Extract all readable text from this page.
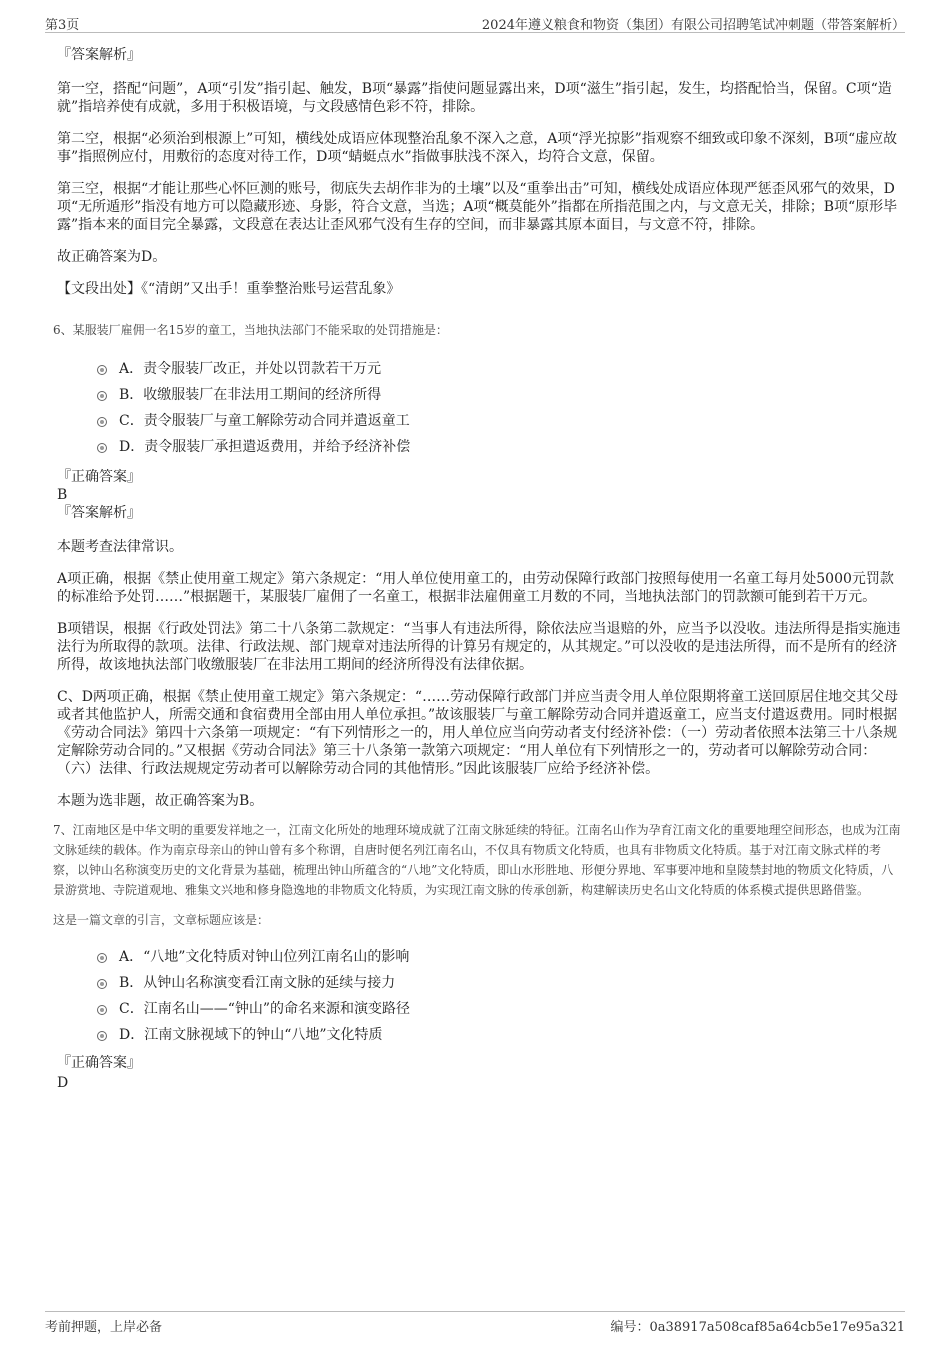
第3页	2024年遵义粮食和物资（集团）有限公司招聘笔试冲刺题（带答案解析）
『答案解析』

第一空，搭配“问题”，A项“引发”指引起、触发，B项“暴露”指使问题显露出来，D项“滋生”指引起，发生，均搭配恰当，保留。C项“造就”指培养使有成就，多用于积极语境，与文段感情色彩不符，排除。

第二空，根据“必须治到根源上”可知，横线处成语应体现整治乱象不深入之意，A项“浮光掠影”指观察不细致或印象不深刻，B项“虚应故事”指照例应付，用敷衍的态度对待工作，D项“蜻蜓点水”指做事肤浅不深入，均符合文意，保留。

第三空，根据“才能让那些心怀叵测的账号，彻底失去胡作非为的土壤”以及“重拳出击”可知，横线处成语应体现严惩歪风邪气的效果，D项“无所遁形”指没有地方可以隐藏形迹、身影，符合文意，当选；A项“概莫能外”指都在所指范围之内，与文意无关，排除；B项“原形毕露”指本来的面目完全暴露，文段意在表达让歪风邪气没有生存的空间，而非暴露其原本面目，与文意不符，排除。

故正确答案为D。

【文段出处】《“清朗”又出手！重拳整治账号运营乱象》

6、某服装厂雇佣一名15岁的童工，当地执法部门不能采取的处罚措施是：

A．责令服装厂改正，并处以罚款若干万元
B．收缴服装厂在非法用工期间的经济所得
C．责令服装厂与童工解除劳动合同并遣返童工
D．责令服装厂承担遣返费用，并给予经济补偿
『正确答案』
B
『答案解析』

本题考查法律常识。

A项正确，根据《禁止使用童工规定》第六条规定：“用人单位使用童工的，由劳动保障行政部门按照每使用一名童工每月处5000元罚款的标准给予处罚……”根据题干，某服装厂雇佣了一名童工，根据非法雇佣童工月数的不同，当地执法部门的罚款额可能到若干万元。

B项错误，根据《行政处罚法》第二十八条第二款规定：“当事人有违法所得，除依法应当退赔的外，应当予以没收。违法所得是指实施违法行为所取得的款项。法律、行政法规、部门规章对违法所得的计算另有规定的，从其规定。”可以没收的是违法所得，而不是所有的经济所得，故该地执法部门收缴服装厂在非法用工期间的经济所得没有法律依据。

C、D两项正确，根据《禁止使用童工规定》第六条规定：“……劳动保障行政部门并应当责令用人单位限期将童工送回原居住地交其父母或者其他监护人，所需交通和食宿费用全部由用人单位承担。”故该服装厂与童工解除劳动合同并遣返童工，应当支付遣返费用。同时根据《劳动合同法》第四十六条第一项规定：“有下列情形之一的，用人单位应当向劳动者支付经济补偿：（一）劳动者依照本法第三十八条规定解除劳动合同的。”又根据《劳动合同法》第三十八条第一款第六项规定：“用人单位有下列情形之一的，劳动者可以解除劳动合同：（六）法律、行政法规规定劳动者可以解除劳动合同的其他情形。”因此该服装厂应给予经济补偿。

本题为选非题，故正确答案为B。

7、江南地区是中华文明的重要发祥地之一，江南文化所处的地理环境成就了江南文脉延续的特征。江南名山作为孕育江南文化的重要地理空间形态，也成为江南文脉延续的载体。作为南京母亲山的钟山曾有多个称谓，自唐时便名列江南名山，不仅具有物质文化特质，也具有非物质文化特质。基于对江南文脉式样的考察，以钟山名称演变历史的文化背景为基础，梳理出钟山所蕴含的“八地”文化特质，即山水形胜地、形便分界地、军事要冲地和皇陵禁封地的物质文化特质，八景游赏地、寺院道观地、雅集文兴地和修身隐逸地的非物质文化特质，为实现江南文脉的传承创新，构建解读历史名山文化特质的体系模式提供思路借鉴。

这是一篇文章的引言，文章标题应该是：

A．“八地”文化特质对钟山位列江南名山的影响
B．从钟山名称演变看江南文脉的延续与接力
C．江南名山——“钟山”的命名来源和演变路径
D．江南文脉视域下的钟山“八地”文化特质
『正确答案』
D
考前押题，上岸必备	编号：0a38917a508caf85a64cb5e17e95a321
